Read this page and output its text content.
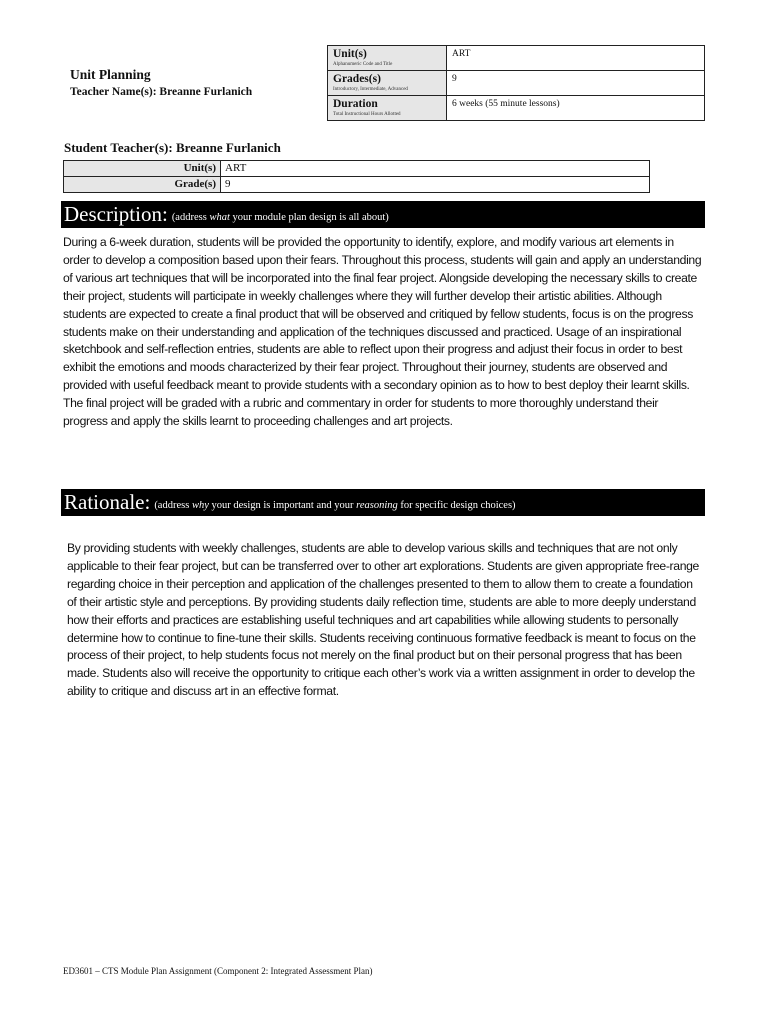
Unit Planning
Teacher Name(s): Breanne Furlanich
Unit(s)
Alphanumeric Code and Title	ART

Grades(s)
Introductory, Intermediate, Advanced	9

Duration
Total Instructional Hours Allotted	6 weeks (55 minute lessons)
Student Teacher(s): Breanne Furlanich
Unit(s)	ART
Grade(s)	9
Description: (address what your module plan design is all about)
During a 6-week duration, students will be provided the opportunity to identify, explore, and modify various art elements in order to develop a composition based upon their fears. Throughout this process, students will gain and apply an understanding of various art techniques that will be incorporated into the final fear project. Alongside developing the necessary skills to create their project, students will participate in weekly challenges where they will further develop their artistic abilities. Although students are expected to create a final product that will be observed and critiqued by fellow students, focus is on the progress students make on their understanding and application of the techniques discussed and practiced. Usage of an inspirational sketchbook and self-reflection entries, students are able to reflect upon their progress and adjust their focus in order to best exhibit the emotions and moods characterized by their fear project. Throughout their journey, students are observed and provided with useful feedback meant to provide students with a secondary opinion as to how to best deploy their learnt skills. The final project will be graded with a rubric and commentary in order for students to more thoroughly understand their progress and apply the skills learnt to proceeding challenges and art projects.
Rationale: (address why your design is important and your reasoning for specific design choices)
By providing students with weekly challenges, students are able to develop various skills and techniques that are not only applicable to their fear project, but can be transferred over to other art explorations. Students are given appropriate free-range regarding choice in their perception and application of the challenges presented to them to allow them to create a foundation of their artistic style and perceptions. By providing students daily reflection time, students are able to more deeply understand how their efforts and practices are establishing useful techniques and art capabilities while allowing students to personally determine how to continue to fine-tune their skills. Students receiving continuous formative feedback is meant to focus on the process of their project, to help students focus not merely on the final product but on their personal progress that has been made. Students also will receive the opportunity to critique each other’s work via a written assignment in order to develop the ability to critique and discuss art in an effective format.
ED3601 – CTS Module Plan Assignment (Component 2: Integrated Assessment Plan)
